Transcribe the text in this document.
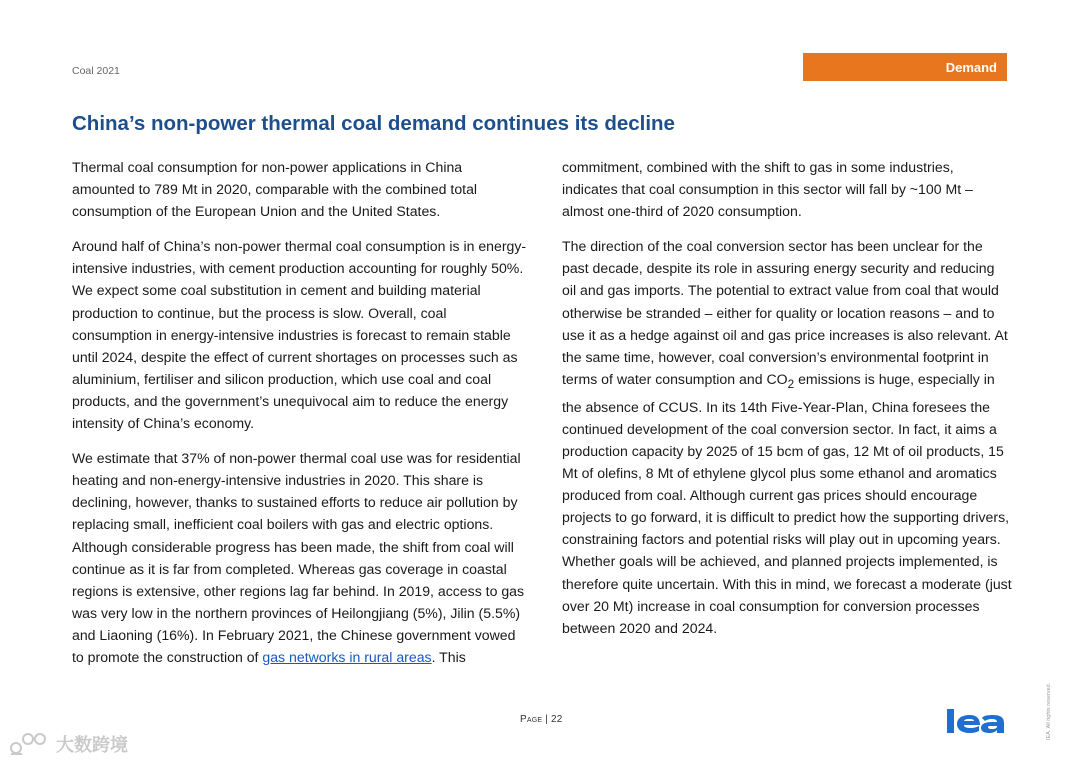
Coal 2021	Demand
China’s non-power thermal coal demand continues its decline

Thermal coal consumption for non-power applications in China amounted to 789 Mt in 2020, comparable with the combined total consumption of the European Union and the United States.

Around half of China’s non-power thermal coal consumption is in energy-intensive industries, with cement production accounting for roughly 50%. We expect some coal substitution in cement and building material production to continue, but the process is slow. Overall, coal consumption in energy-intensive industries is forecast to remain stable until 2024, despite the effect of current shortages on processes such as aluminium, fertiliser and silicon production, which use coal and coal products, and the government’s unequivocal aim to reduce the energy intensity of China’s economy.

We estimate that 37% of non-power thermal coal use was for residential heating and non-energy-intensive industries in 2020. This share is declining, however, thanks to sustained efforts to reduce air pollution by replacing small, inefficient coal boilers with gas and electric options. Although considerable progress has been made, the shift from coal will continue as it is far from completed. Whereas gas coverage in coastal regions is extensive, other regions lag far behind. In 2019, access to gas was very low in the northern provinces of Heilongjiang (5%), Jilin (5.5%) and Liaoning (16%). In February 2021, the Chinese government vowed to promote the construction of gas networks in rural areas. This

commitment, combined with the shift to gas in some industries, indicates that coal consumption in this sector will fall by ~100 Mt – almost one-third of 2020 consumption.

The direction of the coal conversion sector has been unclear for the past decade, despite its role in assuring energy security and reducing oil and gas imports. The potential to extract value from coal that would otherwise be stranded – either for quality or location reasons – and to use it as a hedge against oil and gas price increases is also relevant. At the same time, however, coal conversion’s environmental footprint in terms of water consumption and $CO_2$ emissions is huge, especially in the absence of CCUS. In its 14th Five-Year-Plan, China foresees the continued development of the coal conversion sector. In fact, it aims a production capacity by 2025 of 15 bcm of gas, 12 Mt of oil products, 15 Mt of olefins, 8 Mt of ethylene glycol plus some ethanol and aromatics produced from coal. Although current gas prices should encourage projects to go forward, it is difficult to predict how the supporting drivers, constraining factors and potential risks will play out in upcoming years. Whether goals will be achieved, and planned projects implemented, is therefore quite uncertain. With this in mind, we forecast a moderate (just over 20 Mt) increase in coal consumption for conversion processes between 2020 and 2024.

Page | 22	IEA. All rights reserved.
大数跨境
